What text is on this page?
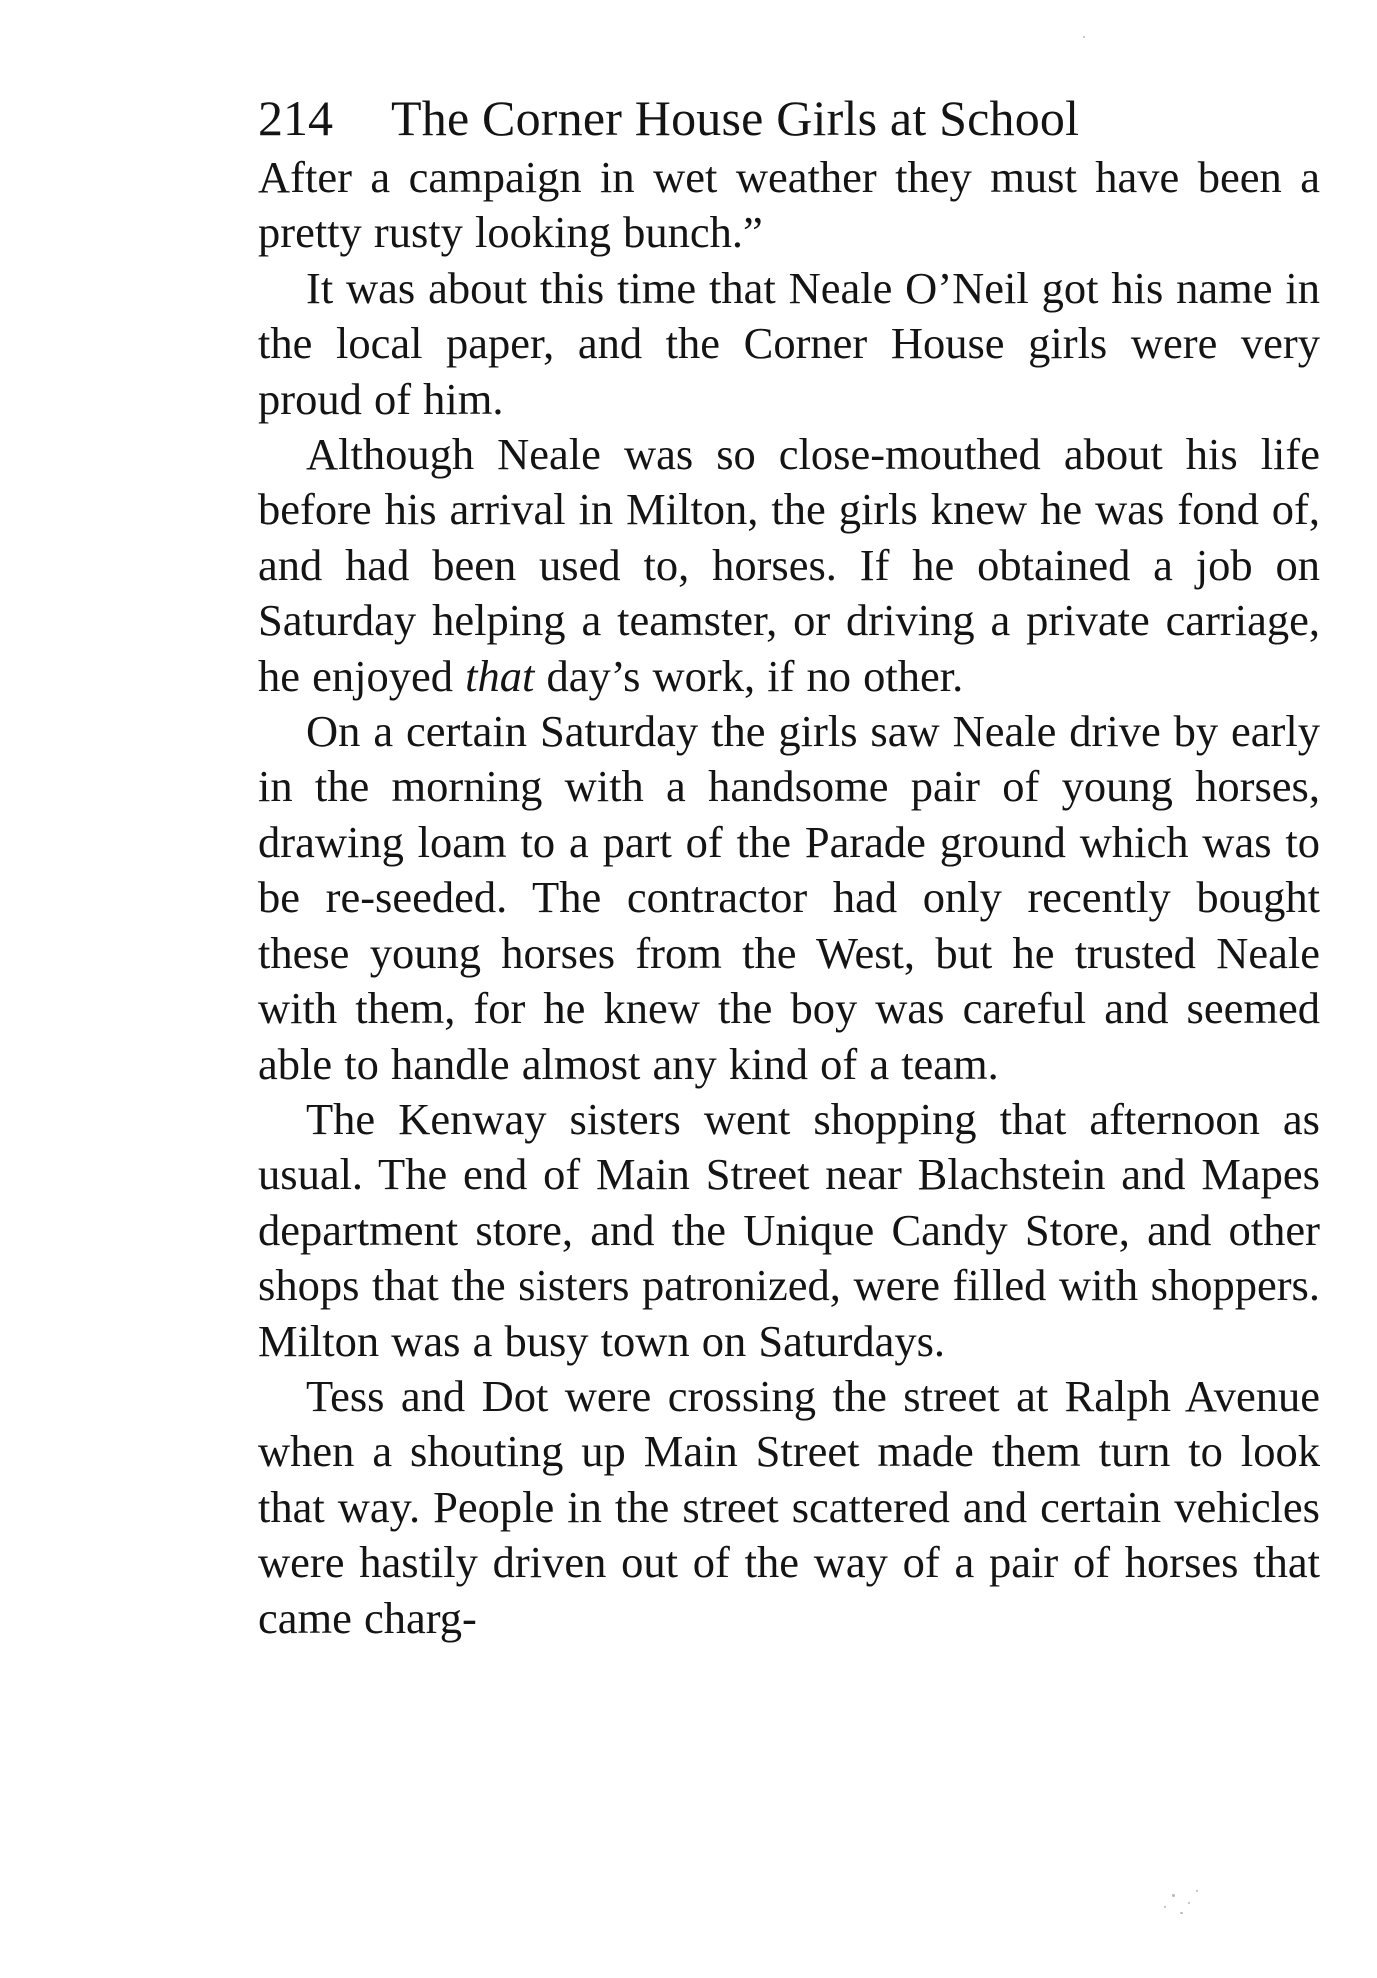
214 The Corner House Girls at School

After a campaign in wet weather they must have been a pretty rusty looking bunch.”

It was about this time that Neale O’Neil got his name in the local paper, and the Corner House girls were very proud of him.

Although Neale was so close-mouthed about his life before his arrival in Milton, the girls knew he was fond of, and had been used to, horses. If he obtained a job on Saturday helping a teamster, or driving a private carriage, he enjoyed that day’s work, if no other.

On a certain Saturday the girls saw Neale drive by early in the morning with a handsome pair of young horses, drawing loam to a part of the Parade ground which was to be re-seeded. The contractor had only recently bought these young horses from the West, but he trusted Neale with them, for he knew the boy was careful and seemed able to handle almost any kind of a team.

The Kenway sisters went shopping that afternoon as usual. The end of Main Street near Blachstein and Mapes department store, and the Unique Candy Store, and other shops that the sisters patronized, were filled with shoppers. Milton was a busy town on Saturdays.

Tess and Dot were crossing the street at Ralph Avenue when a shouting up Main Street made them turn to look that way. People in the street scattered and certain vehicles were hastily driven out of the way of a pair of horses that came charg-
